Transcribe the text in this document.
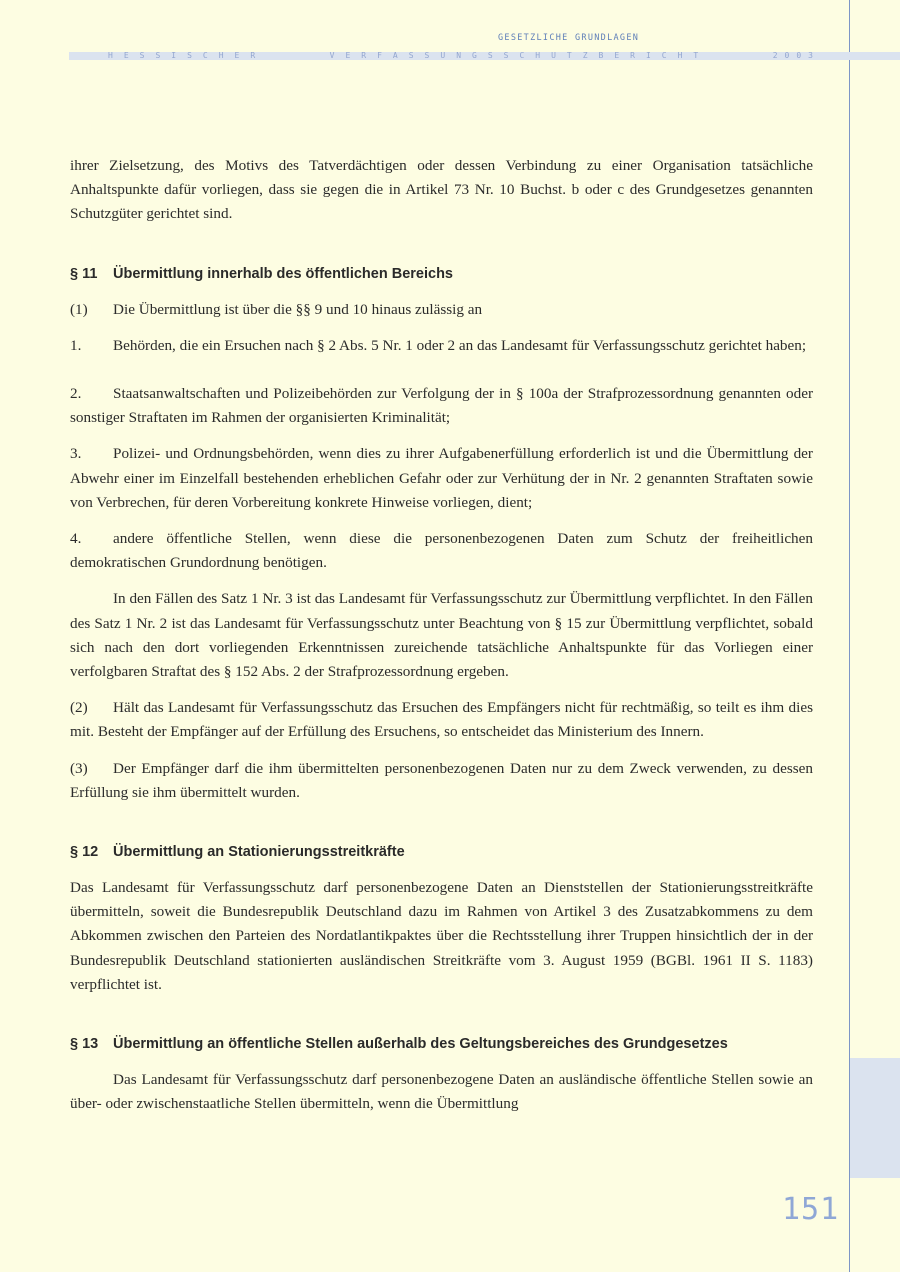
GESETZLICHE GRUNDLAGEN
HESSISCHER	VERFASSUNGSSCHUTZBERICHT	2003

ihrer Zielsetzung, des Motivs des Tatverdächtigen oder dessen Verbindung zu einer Organisation tatsächliche Anhaltspunkte dafür vorliegen, dass sie gegen die in Artikel 73 Nr. 10 Buchst. b oder c des Grundgesetzes genannten Schutzgüter gerichtet sind.

§ 11 Übermittlung innerhalb des öffentlichen Bereichs

(1) Die Übermittlung ist über die §§ 9 und 10 hinaus zulässig an

1. Behörden, die ein Ersuchen nach § 2 Abs. 5 Nr. 1 oder 2 an das Landesamt für Verfassungsschutz gerichtet haben;

2. Staatsanwaltschaften und Polizeibehörden zur Verfolgung der in § 100a der Strafprozessordnung genannten oder sonstiger Straftaten im Rahmen der organisierten Kriminalität;

3. Polizei- und Ordnungsbehörden, wenn dies zu ihrer Aufgabenerfüllung erforderlich ist und die Übermittlung der Abwehr einer im Einzelfall bestehenden erheblichen Gefahr oder zur Verhütung der in Nr. 2 genannten Straftaten sowie von Verbrechen, für deren Vorbereitung konkrete Hinweise vorliegen, dient;

4. andere öffentliche Stellen, wenn diese die personenbezogenen Daten zum Schutz der freiheitlichen demokratischen Grundordnung benötigen.

In den Fällen des Satz 1 Nr. 3 ist das Landesamt für Verfassungsschutz zur Übermittlung verpflichtet. In den Fällen des Satz 1 Nr. 2 ist das Landesamt für Verfassungsschutz unter Beachtung von § 15 zur Übermittlung verpflichtet, sobald sich nach den dort vorliegenden Erkenntnissen zureichende tatsächliche Anhaltspunkte für das Vorliegen einer verfolgbaren Straftat des § 152 Abs. 2 der Strafprozessordnung ergeben.

(2) Hält das Landesamt für Verfassungsschutz das Ersuchen des Empfängers nicht für rechtmäßig, so teilt es ihm dies mit. Besteht der Empfänger auf der Erfüllung des Ersuchens, so entscheidet das Ministerium des Innern.

(3) Der Empfänger darf die ihm übermittelten personenbezogenen Daten nur zu dem Zweck verwenden, zu dessen Erfüllung sie ihm übermittelt wurden.

§ 12 Übermittlung an Stationierungsstreitkräfte

Das Landesamt für Verfassungsschutz darf personenbezogene Daten an Dienststellen der Stationierungsstreitkräfte übermitteln, soweit die Bundesrepublik Deutschland dazu im Rahmen von Artikel 3 des Zusatzabkommens zu dem Abkommen zwischen den Parteien des Nordatlantikpaktes über die Rechtsstellung ihrer Truppen hinsichtlich der in der Bundesrepublik Deutschland stationierten ausländischen Streitkräfte vom 3. August 1959 (BGBl. 1961 II S. 1183) verpflichtet ist.

§ 13 Übermittlung an öffentliche Stellen außerhalb des Geltungsbereiches des Grundgesetzes

Das Landesamt für Verfassungsschutz darf personenbezogene Daten an ausländische öffentliche Stellen sowie an über- oder zwischenstaatliche Stellen übermitteln, wenn die Übermittlung

151
